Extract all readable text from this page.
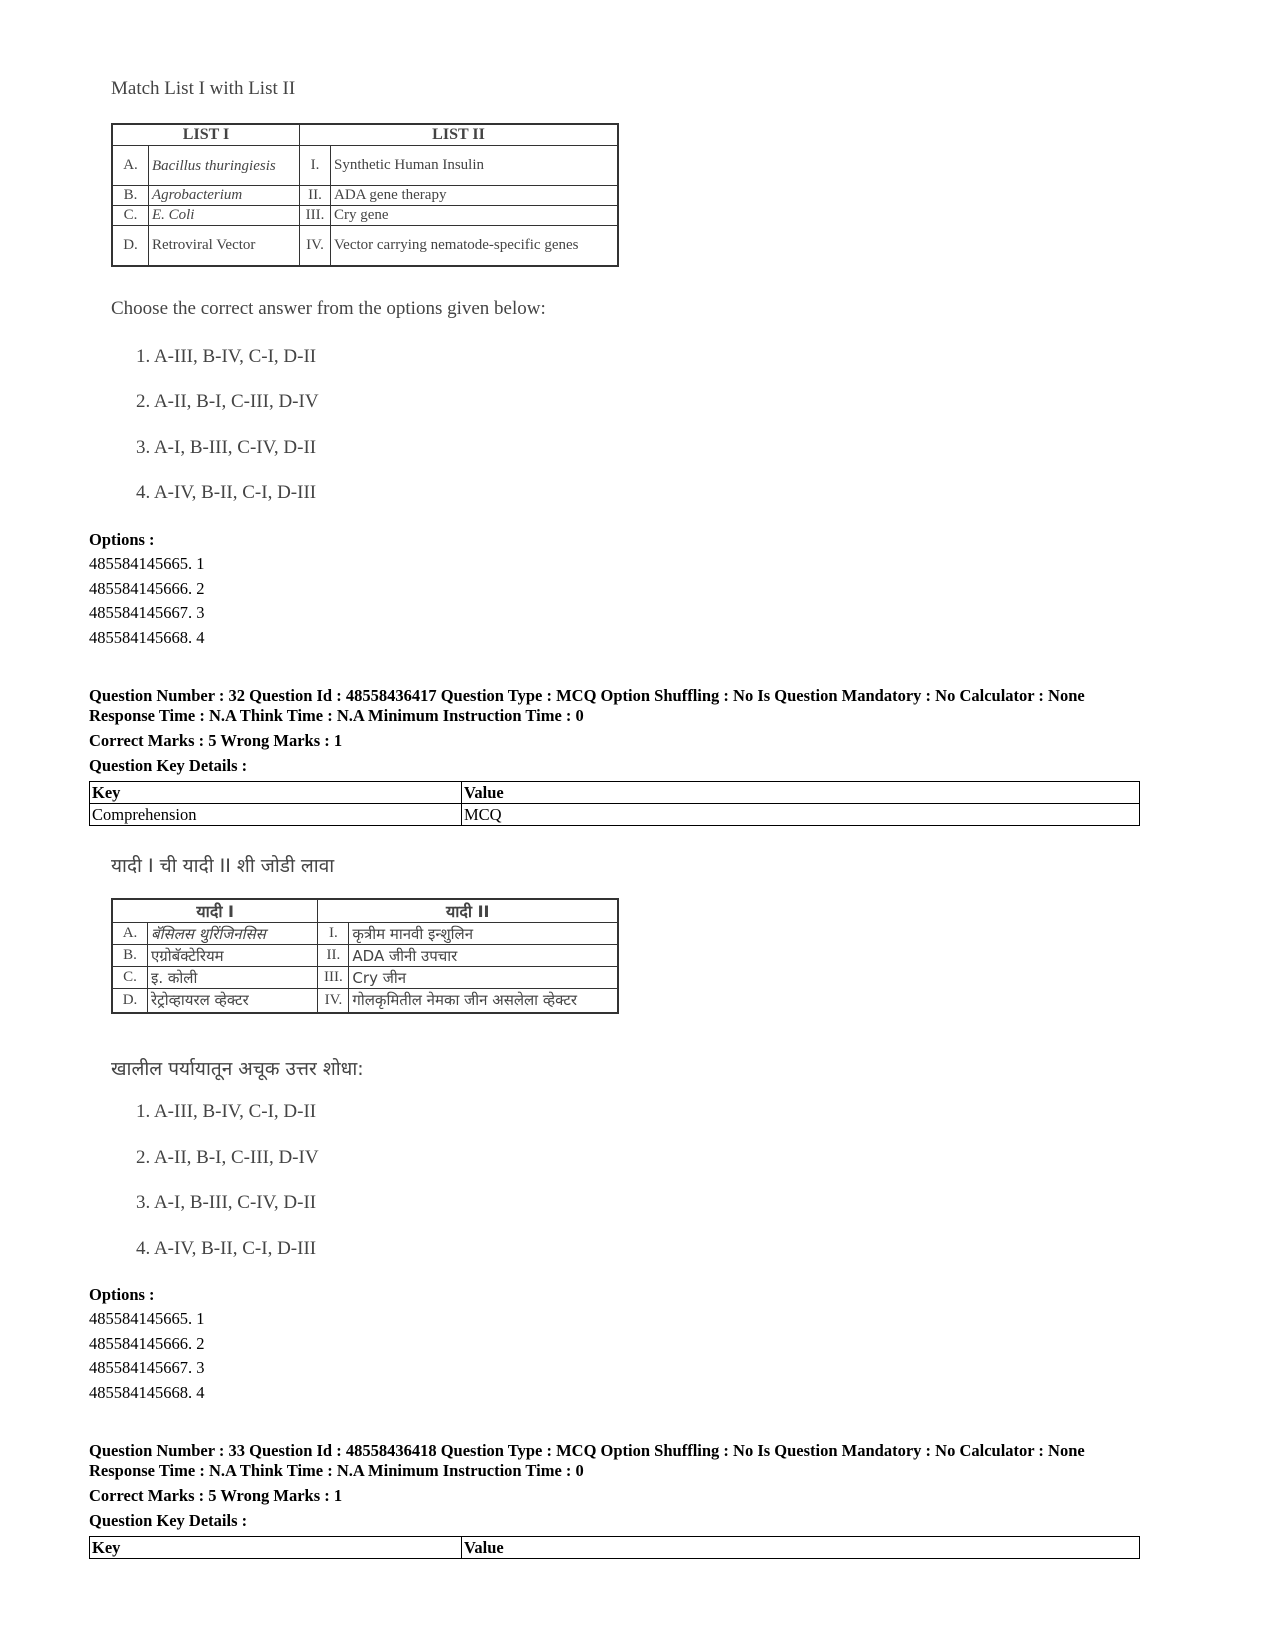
Match List I with List II
LIST I		LIST II	
A.	Bacillus thuringiesis	I.	Synthetic Human Insulin
B.	Agrobacterium	II.	ADA gene therapy
C.	E. Coli	III.	Cry gene
D.	Retroviral Vector	IV.	Vector carrying nematode-specific genes
Choose the correct answer from the options given below:
1. A-III, B-IV, C-I, D-II
2. A-II, B-I, C-III, D-IV
3. A-I, B-III, C-IV, D-II
4. A-IV, B-II, C-I, D-III
Options :
485584145665. 1
485584145666. 2
485584145667. 3
485584145668. 4
Question Number : 32 Question Id : 48558436417 Question Type : MCQ Option Shuffling : No Is Question Mandatory : No Calculator : None
Response Time : N.A Think Time : N.A Minimum Instruction Time : 0
Correct Marks : 5 Wrong Marks : 1
Question Key Details :
Key	Value
Comprehension	MCQ
यादी I ची यादी II शी जोडी लावा
यादी I		यादी II	
A.	बॅसिलस थुरिंजिनसिस	I.	कृत्रीम मानवी इन्शुलिन
B.	एग्रोबॅक्टेरियम	II.	ADA जीनी उपचार
C.	इ. कोली	III.	Cry जीन
D.	रेट्रोव्हायरल व्हेक्टर	IV.	गोलकृमितील नेमका जीन असलेला व्हेक्टर
खालील पर्यायातून अचूक उत्तर शोधा:
1. A-III, B-IV, C-I, D-II
2. A-II, B-I, C-III, D-IV
3. A-I, B-III, C-IV, D-II
4. A-IV, B-II, C-I, D-III
Options :
485584145665. 1
485584145666. 2
485584145667. 3
485584145668. 4
Question Number : 33 Question Id : 48558436418 Question Type : MCQ Option Shuffling : No Is Question Mandatory : No Calculator : None
Response Time : N.A Think Time : N.A Minimum Instruction Time : 0
Correct Marks : 5 Wrong Marks : 1
Question Key Details :
Key	Value
